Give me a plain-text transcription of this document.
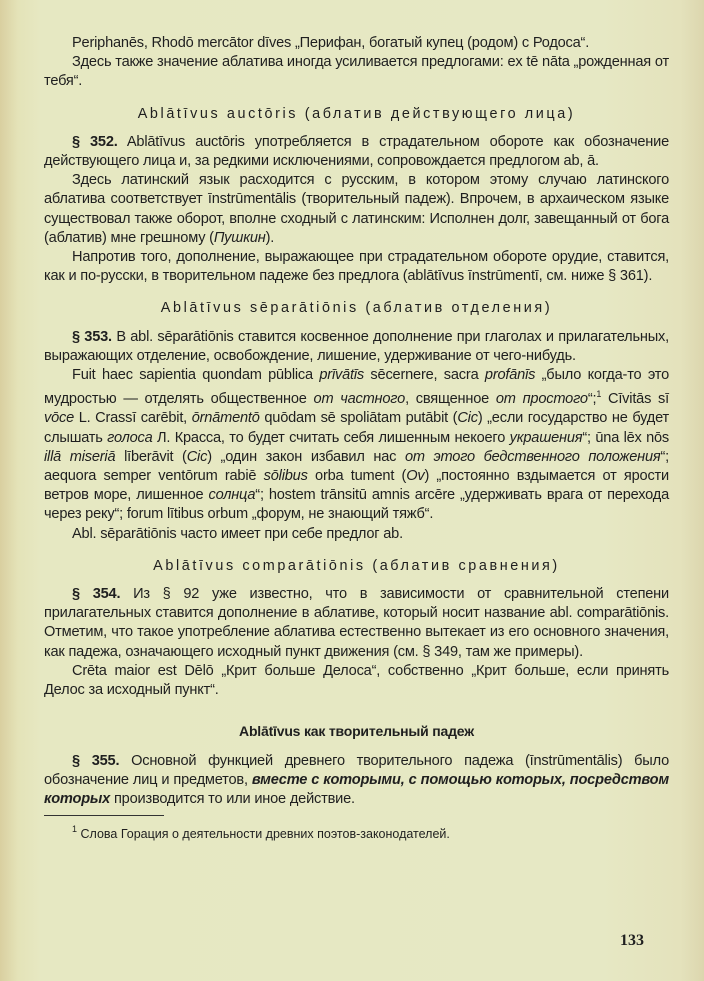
Periphanēs, Rhodō mercātor dīves „Перифан, богатый купец (родом) с Родоса“.

Здесь также значение аблатива иногда усиливается предлогами: ex tē nāta „рожденная от тебя“.

Ablātīvus auctōris (аблатив действующего лица)

§ 352. Ablātīvus auctōris употребляется в страдательном обороте как обозначение действующего лица и, за редкими исключениями, сопровождается предлогом ab, ā.

Здесь латинский язык расходится с русским, в котором этому случаю латинского аблатива соответствует īnstrūmentālis (творительный падеж). Впрочем, в архаическом языке существовал также оборот, вполне сходный с латинским: Исполнен долг, завещанный от бога (аблатив) мне грешному (Пушкин).

Напротив того, дополнение, выражающее при страдательном обороте орудие, ставится, как и по-русски, в творительном падеже без предлога (ablātīvus īnstrūmentī, см. ниже § 361).

Ablātīvus sēparātiōnis (аблатив отделения)

§ 353. В abl. sēparātiōnis ставится косвенное дополнение при глаголах и прилагательных, выражающих отделение, освобождение, лишение, удерживание от чего-нибудь.

Fuit haec sapientia quondam pūblica prīvātīs sēcernere, sacra profānīs „было когда-то это мудростью — отделять общественное от частного, священное от простого“;$^1$ Cīvitās sī vōce L. Crassī carēbit, ōrnāmentō quōdam sē spoliātam putābit (Cic) „если государство не будет слышать голоса Л. Красса, то будет считать себя лишенным некоего украшения“; ūna lēx nōs illā miseriā līberāvit (Cic) „один закон избавил нас от этого бедственного положения“; aequora semper ventōrum rabiē sōlibus orba tument (Ov) „постоянно вздымается от ярости ветров море, лишенное солнца“; hostem trānsitū amnis arcēre „удерживать врага от перехода через реку“; forum lītibus orbum „форум, не знающий тяжб“.

Abl. sēparātiōnis часто имеет при себе предлог ab.

Ablātīvus comparātiōnis (аблатив сравнения)

§ 354. Из § 92 уже известно, что в зависимости от сравнительной степени прилагательных ставится дополнение в аблативе, который носит название abl. comparātiōnis. Отметим, что такое употребление аблатива естественно вытекает из его основного значения, как падежа, означающего исходный пункт движения (см. § 349, там же примеры).

Crēta maior est Dēlō „Крит больше Делоса“, собственно „Крит больше, если принять Делос за исходный пункт“.

Ablātīvus как творительный падеж

§ 355. Основной функцией древнего творительного падежа (īnstrūmentālis) было обозначение лиц и предметов, вместе с которыми, с помощью которых, посредством которых производится то или иное действие.

$^1$ Слова Горация о деятельности древних поэтов-законодателей.
133
